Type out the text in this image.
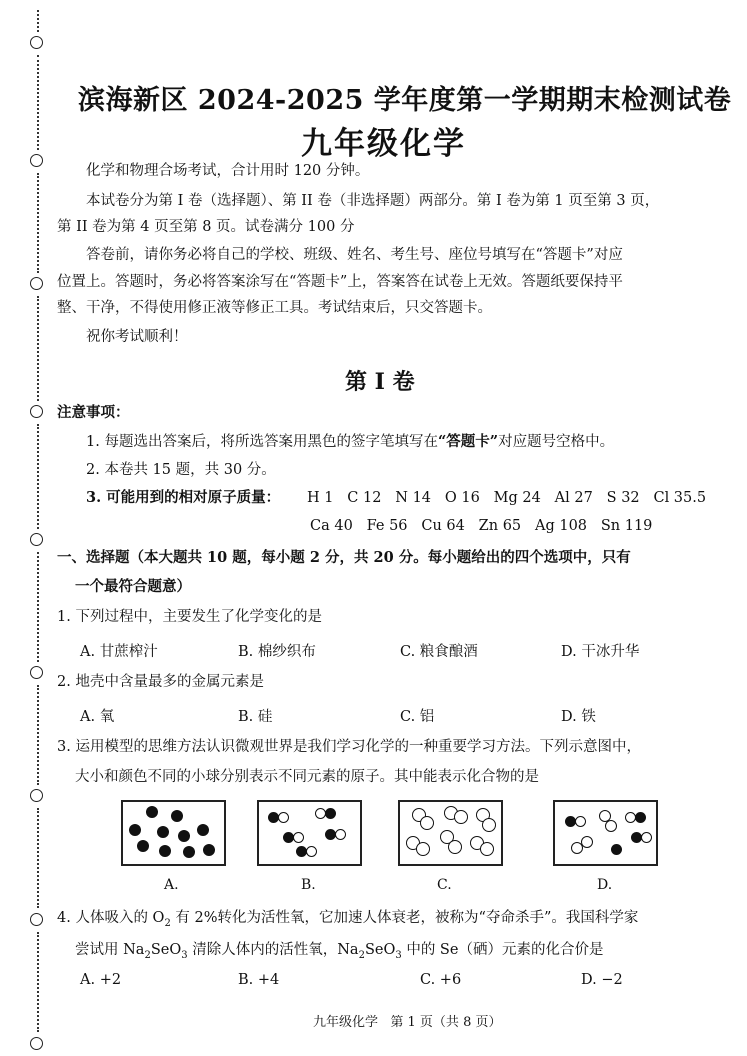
滨海新区 2024-2025 学年度第一学期期末检测试卷
九年级化学
化学和物理合场考试，合计用时 120 分钟。
本试卷分为第 I 卷（选择题）、第 II 卷（非选择题）两部分。第 I 卷为第 1 页至第 3 页，
第 II 卷为第 4 页至第 8 页。试卷满分 100 分
答卷前，请你务必将自己的学校、班级、姓名、考生号、座位号填写在“答题卡”对应
位置上。答题时，务必将答案涂写在“答题卡”上，答案答在试卷上无效。答题纸要保持平
整、干净，不得使用修正液等修正工具。考试结束后，只交答题卡。
祝你考试顺利！
第 I 卷
注意事项：
1. 每题选出答案后，将所选答案用黑色的签字笔填写在“答题卡”对应题号空格中。
2. 本卷共 15 题，共 30 分。
3. 可能用到的相对原子质量： H 1   C 12   N 14   O 16   Mg 24   Al 27   S 32   Cl 35.5
Ca 40   Fe 56   Cu 64   Zn 65   Ag 108   Sn 119
一、选择题（本大题共 10 题，每小题 2 分，共 20 分。每小题给出的四个选项中，只有
一个最符合题意）
1. 下列过程中，主要发生了化学变化的是
A. 甘蔗榨汁	B. 棉纱织布	C. 粮食酿酒	D. 干冰升华
2. 地壳中含量最多的金属元素是
A. 氧	B. 硅	C. 铝	D. 铁
3. 运用模型的思维方法认识微观世界是我们学习化学的一种重要学习方法。下列示意图中，
大小和颜色不同的小球分别表示不同元素的原子。其中能表示化合物的是
A.	B.	C.	D.
4. 人体吸入的 $O_2$ 有 2%转化为活性氧，它加速人体衰老，被称为“夺命杀手”。我国科学家
尝试用 $Na_2SeO_3$ 清除人体内的活性氧，$Na_2SeO_3$ 中的 Se（硒）元素的化合价是
A. +2	B. +4	C. +6	D. −2
九年级化学   第 1 页（共 8 页）
